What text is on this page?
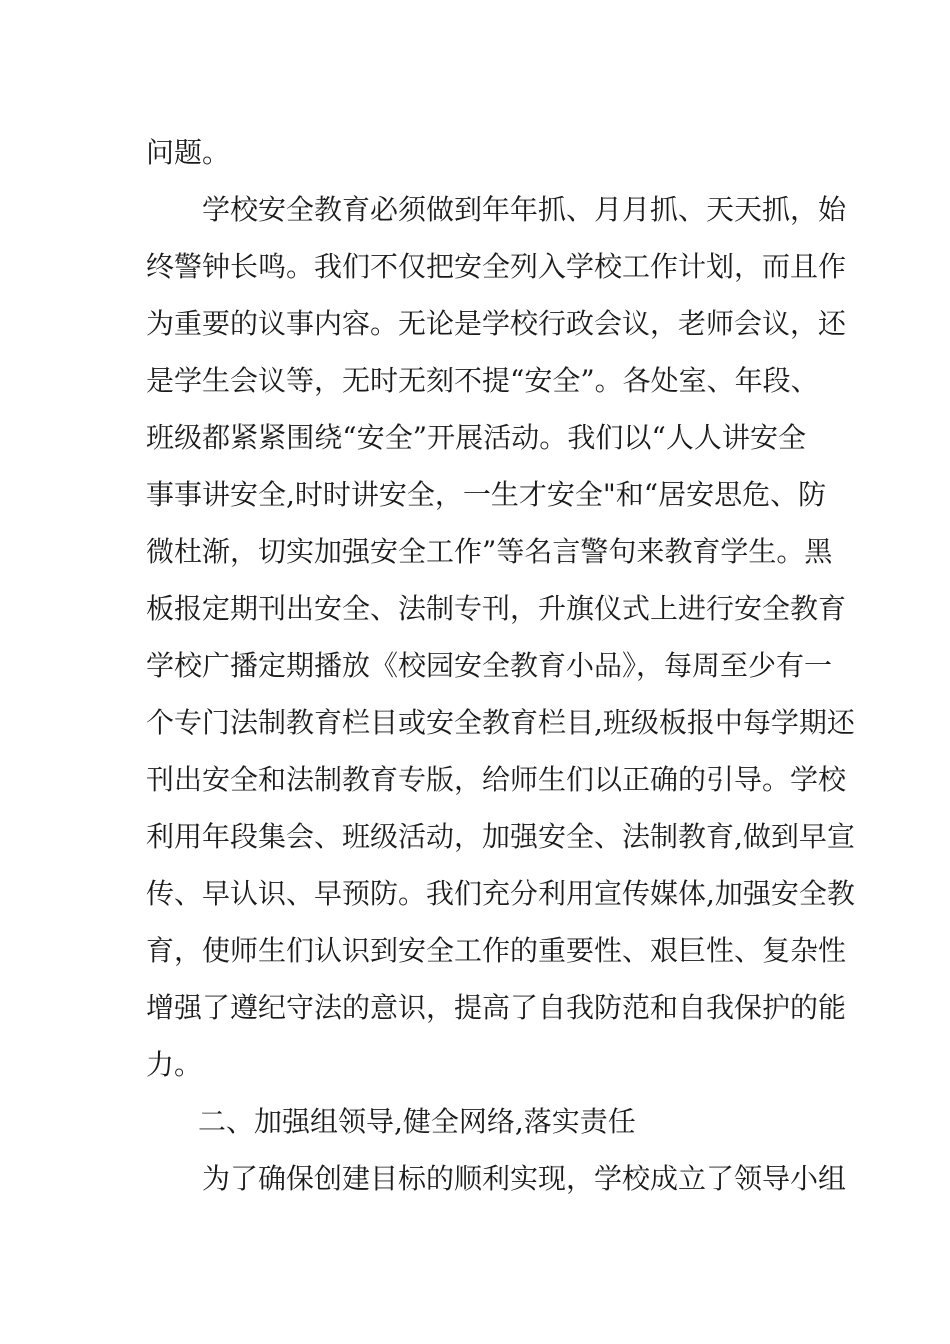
问题。
学校安全教育必须做到年年抓、月月抓、天天抓，始
终警钟长鸣。我们不仅把安全列入学校工作计划，而且作
为重要的议事内容。无论是学校行政会议，老师会议，还
是学生会议等，无时无刻不提“安全”。各处室、年段、
班级都紧紧围绕“安全”开展活动。我们以“人人讲安全
事事讲安全,时时讲安全，一生才安全"和“居安思危、防
微杜渐，切实加强安全工作”等名言警句来教育学生。黑
板报定期刊出安全、法制专刊，升旗仪式上进行安全教育
学校广播定期播放《校园安全教育小品》，每周至少有一
个专门法制教育栏目或安全教育栏目,班级板报中每学期还
刊出安全和法制教育专版，给师生们以正确的引导。学校
利用年段集会、班级活动，加强安全、法制教育,做到早宣
传、早认识、早预防。我们充分利用宣传媒体,加强安全教
育，使师生们认识到安全工作的重要性、艰巨性、复杂性
增强了遵纪守法的意识，提高了自我防范和自我保护的能
力。
二、加强组领导,健全网络,落实责任
为了确保创建目标的顺利实现，学校成立了领导小组
